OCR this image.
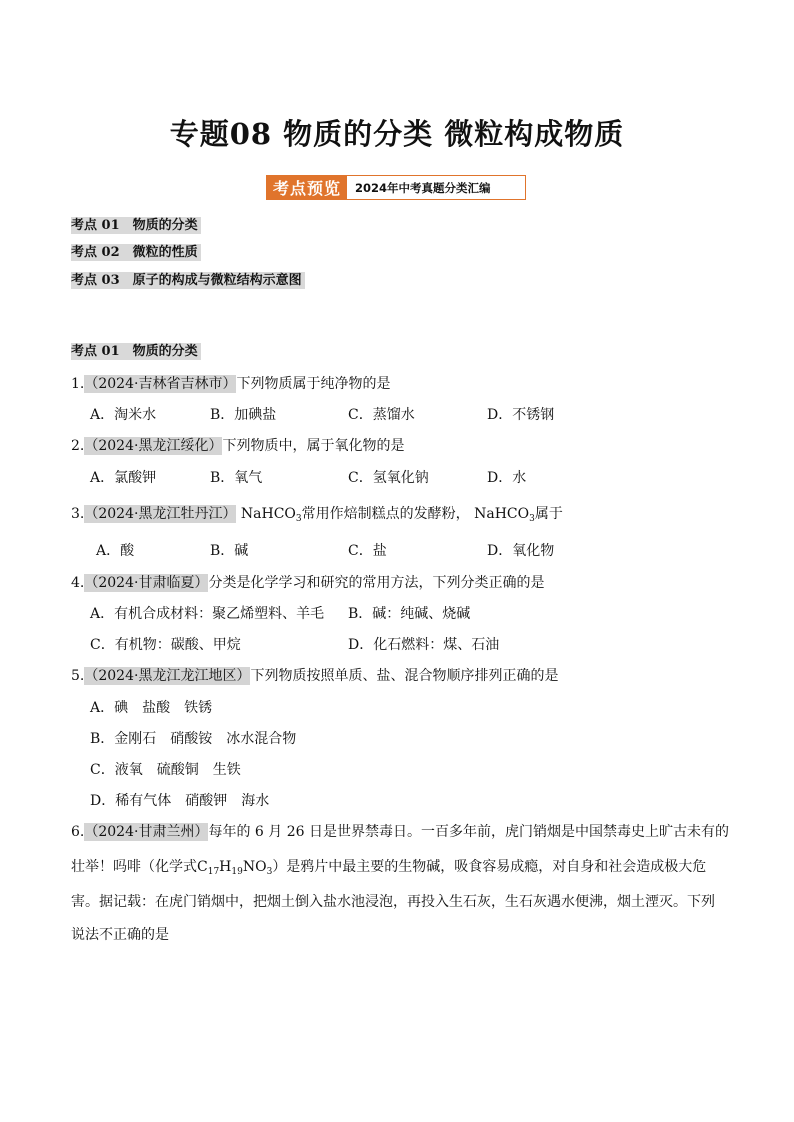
专题08 物质的分类 微粒构成物质
考点预览	2024年中考真题分类汇编
考点 01　物质的分类
考点 02　微粒的性质
考点 03　原子的构成与微粒结构示意图
考点 01　物质的分类
1.（2024·吉林省吉林市）下列物质属于纯净物的是
A．淘米水	B．加碘盐	C．蒸馏水	D．不锈钢
2.（2024·黑龙江绥化）下列物质中，属于氧化物的是
A．氯酸钾	B．氧气	C．氢氧化钠	D．水
3.（2024·黑龙江牡丹江） NaHCO$_3$常用作焙制糕点的发酵粉， NaHCO$_3$属于
A．酸	B．碱	C．盐	D．氧化物
4.（2024·甘肃临夏）分类是化学学习和研究的常用方法，下列分类正确的是
A．有机合成材料：聚乙烯塑料、羊毛 B．碱：纯碱、烧碱
C．有机物：碳酸、甲烷	D．化石燃料：煤、石油
5.（2024·黑龙江龙江地区）下列物质按照单质、盐、混合物顺序排列正确的是
A．碘　盐酸　铁锈
B．金刚石　硝酸铵　冰水混合物
C．液氧　硫酸铜　生铁
D．稀有气体　硝酸钾　海水
6.（2024·甘肃兰州）每年的 6 月 26 日是世界禁毒日。一百多年前，虎门销烟是中国禁毒史上旷古未有的
壮举！吗啡（化学式$C_{17}H_{19}NO_3$）是鸦片中最主要的生物碱，吸食容易成瘾，对自身和社会造成极大危
害。据记载：在虎门销烟中，把烟土倒入盐水池浸泡，再投入生石灰，生石灰遇水便沸，烟土湮灭。下列
说法不正确的是
